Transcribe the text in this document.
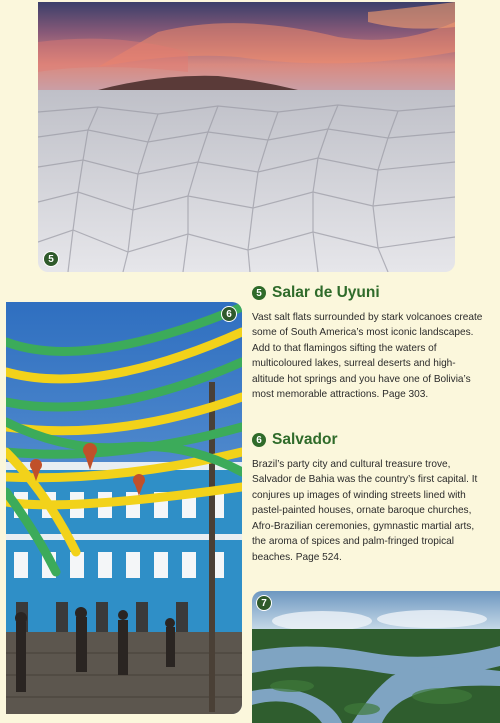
5
6
7
5 Salar de Uyuni

Vast salt flats surrounded by stark volcanoes create some of South America’s most iconic landscapes. Add to that flamingos sifting the waters of multicoloured lakes, surreal deserts and high-altitude hot springs and you have one of Bolivia’s most memorable attractions. Page 303.

6 Salvador

Brazil’s party city and cultural treasure trove, Salvador de Bahia was the country’s first capital. It conjures up images of winding streets lined with pastel-painted houses, ornate baroque churches, Afro-Brazilian ceremonies, gymnastic martial arts, the aroma of spices and palm-fringed tropical beaches. Page 524.
